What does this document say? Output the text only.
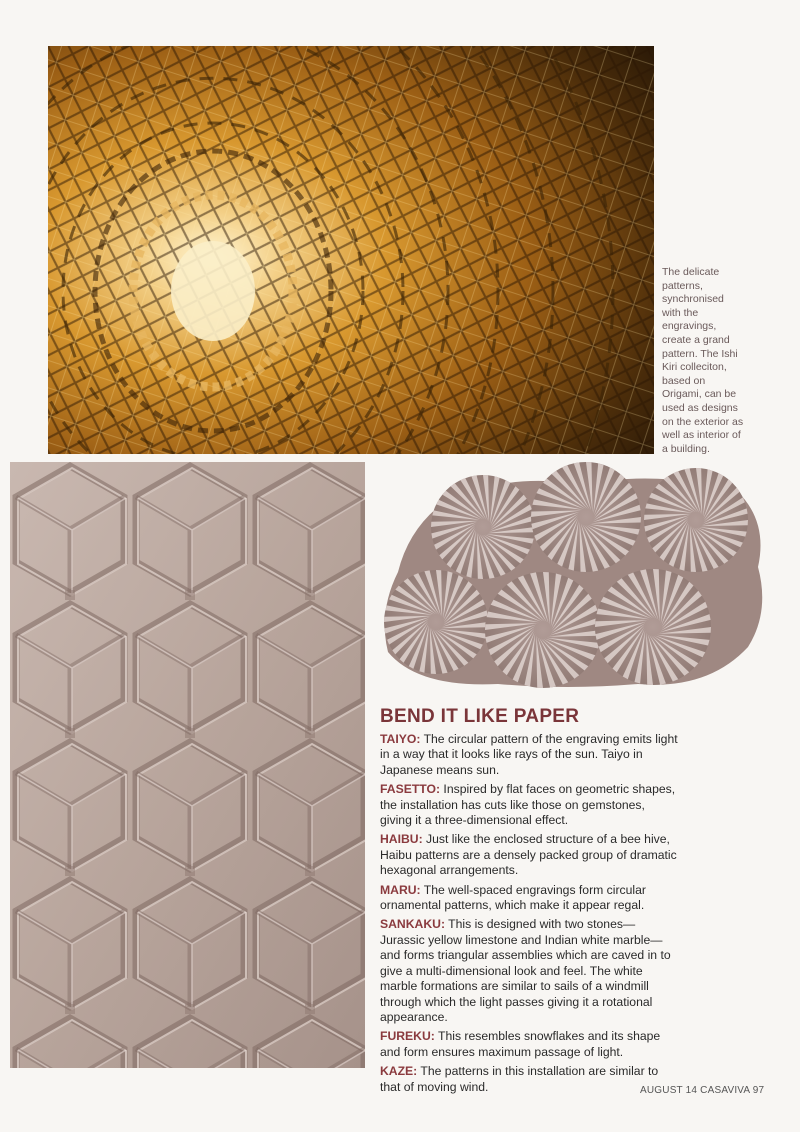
The delicate
patterns,
synchronised
with the
engravings,
create a grand
pattern. The Ishi
Kiri colleciton,
based on
Origami, can be
used as designs
on the exterior as
well as interior of
a building.
BEND IT LIKE PAPER

TAIYO: The circular pattern of the engraving emits light in a way that it looks like rays of the sun. Taiyo in Japanese means sun.

FASETTO: Inspired by flat faces on geometric shapes, the installation has cuts like those on gemstones, giving it a three-dimensional effect.

HAIBU: Just like the enclosed structure of a bee hive, Haibu patterns are a densely packed group of dramatic hexagonal arrangements.

MARU: The well-spaced engravings form circular ornamental patterns, which make it appear regal.

SANKAKU: This is designed with two stones— Jurassic yellow limestone and Indian white marble— and forms triangular assemblies which are caved in to give a multi-dimensional look and feel. The white marble formations are similar to sails of a windmill through which the light passes giving it a rotational appearance.

FUREKU: This resembles snowflakes and its shape and form ensures maximum passage of light.

KAZE: The patterns in this installation are similar to that of moving wind.	AUGUST 14 CASAVIVA 97
